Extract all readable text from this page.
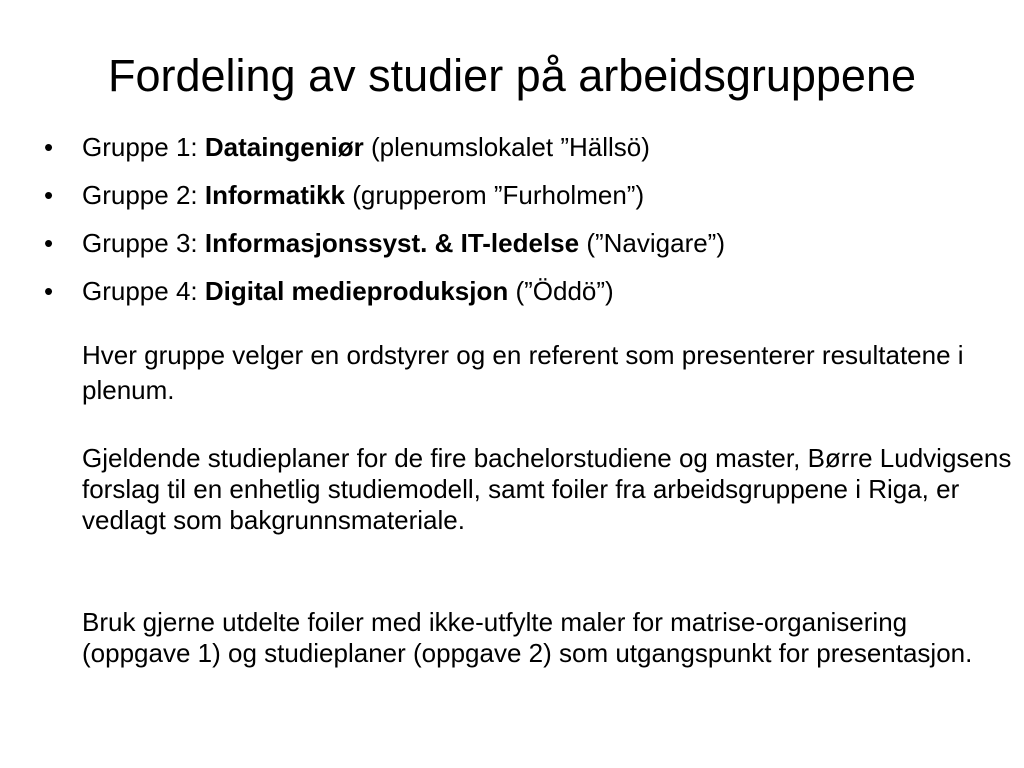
Fordeling av studier på arbeidsgruppene
• Gruppe 1: Dataingeniør (plenumslokalet ”Hällsö)
• Gruppe 2: Informatikk (grupperom ”Furholmen”)
• Gruppe 3: Informasjonssyst. & IT-ledelse (”Navigare”)
• Gruppe 4: Digital medieproduksjon (”Öddö”)

Hver gruppe velger en ordstyrer og en referent som presenterer resultatene i plenum.

Gjeldende studieplaner for de fire bachelorstudiene og master, Børre Ludvigsens forslag til en enhetlig studiemodell, samt foiler fra arbeidsgruppene i Riga, er vedlagt som bakgrunnsmateriale.

Bruk gjerne utdelte foiler med ikke-utfylte maler for matrise-organisering (oppgave 1) og studieplaner (oppgave 2) som utgangspunkt for presentasjon.
